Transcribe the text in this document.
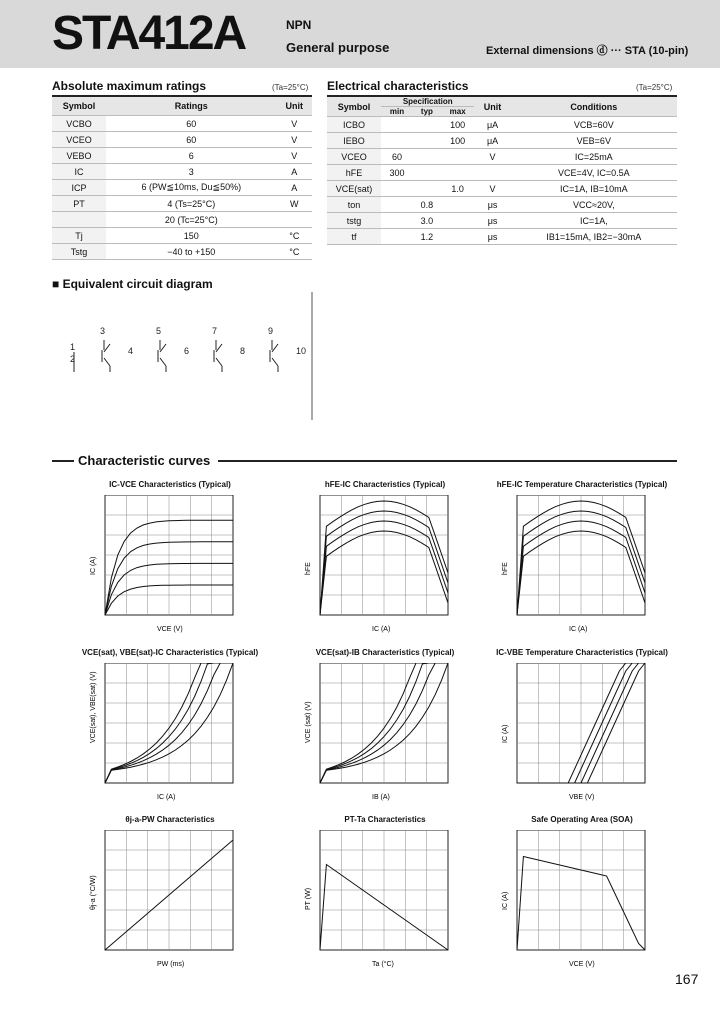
STA412A	NPN
General purpose	External dimensions ⓓ ··· STA (10-pin)
Absolute maximum ratings	(Ta=25°C)
Symbol	Ratings	Unit
VCBO	60	V
VCEO	60	V
VEBO	6	V
IC	3	A
ICP	6 (PW≦10ms, Du≦50%)	A
PT	4 (Ts=25°C)	W
	20 (Tc=25°C)	
Tj	150	°C
Tstg	−40 to +150	°C
Electrical characteristics	(Ta=25°C)
Symbol	Specification			Unit	Conditions
	min	typ	max		
ICBO			100	μA	VCB=60V
IEBO			100	μA	VEB=6V
VCEO	60			V	IC=25mA
hFE	300				VCE=4V, IC=0.5A
VCE(sat)			1.0	V	IC=1A, IB=10mA
ton		0.8		μs	VCC≈20V,
tstg		3.0		μs	IC=1A,
tf		1.2		μs	IB1=15mA, IB2=−30mA
■ Equivalent circuit diagram
1
2
3
4
5
6
7
8
9
10
Characteristic curves
IC-VCE Characteristics (Typical)
VCE (V)
IC (A)
hFE-IC Characteristics (Typical)
IC (A)
hFE
hFE-IC Temperature Characteristics (Typical)
IC (A)
hFE
VCE(sat), VBE(sat)-IC Characteristics (Typical)
IC (A)
VCE(sat), VBE(sat) (V)
VCE(sat)-IB Characteristics (Typical)
IB (A)
VCE (sat) (V)
IC-VBE Temperature Characteristics (Typical)
VBE (V)
IC (A)
θj-a-PW Characteristics
PW (ms)
θj-a (°C/W)
PT-Ta Characteristics
Ta (°C)
PT (W)
Safe Operating Area (SOA)
VCE (V)
IC (A)
167
